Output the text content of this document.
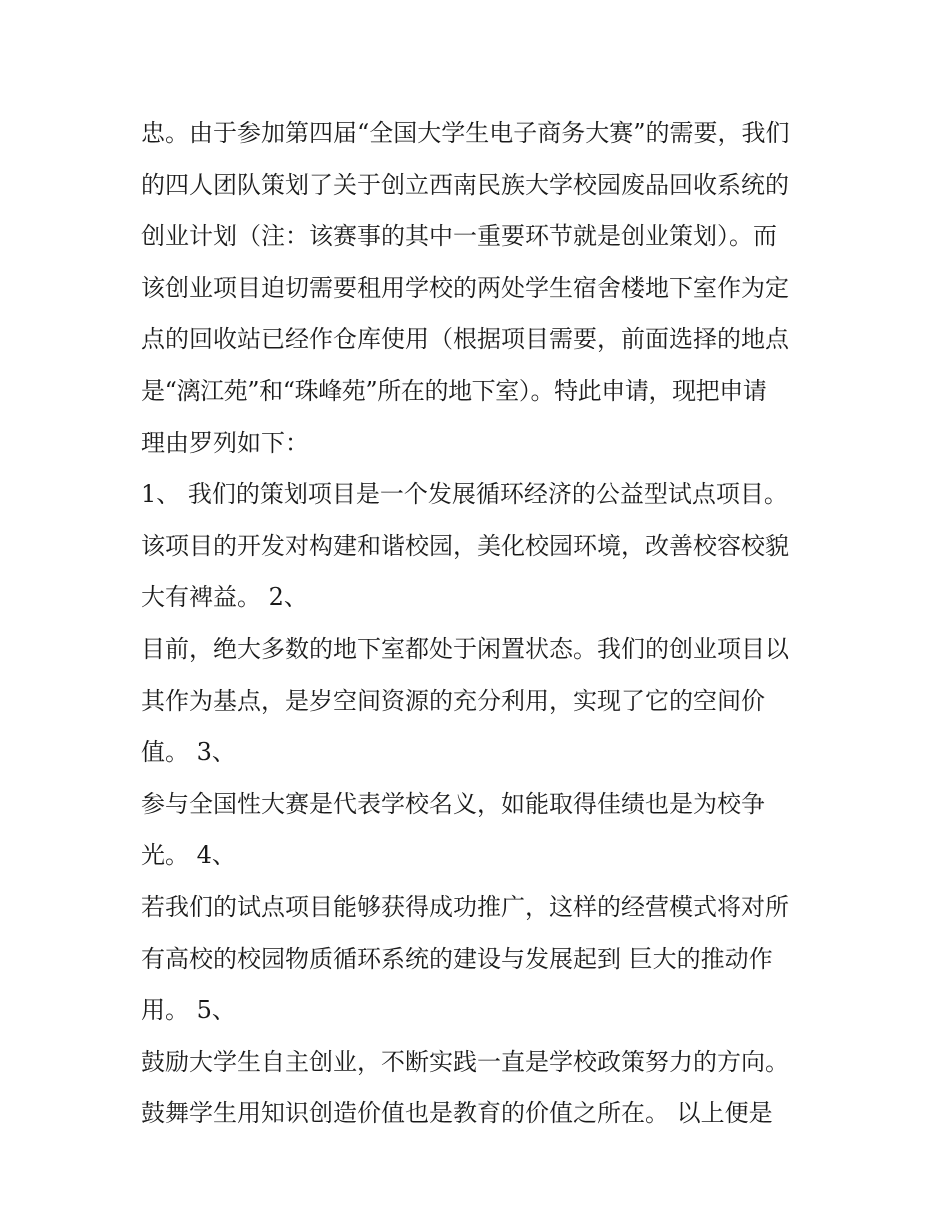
忠。由于参加第四届“全国大学生电子商务大赛”的需要，我们
的四人团队策划了关于创立西南民族大学校园废品回收系统的
创业计划（注：该赛事的其中一重要环节就是创业策划）。而
该创业项目迫切需要租用学校的两处学生宿舍楼地下室作为定
点的回收站已经作仓库使用（根据项目需要，前面选择的地点
是“漓江苑”和“珠峰苑”所在的地下室）。特此申请，现把申请
理由罗列如下：
1、 我们的策划项目是一个发展循环经济的公益型试点项目。
该项目的开发对构建和谐校园，美化校园环境，改善校容校貌
大有裨益。 2、
目前，绝大多数的地下室都处于闲置状态。我们的创业项目以
其作为基点，是岁空间资源的充分利用，实现了它的空间价
值。 3、
参与全国性大赛是代表学校名义，如能取得佳绩也是为校争
光。 4、
若我们的试点项目能够获得成功推广，这样的经营模式将对所
有高校的校园物质循环系统的建设与发展起到 巨大的推动作
用。 5、
鼓励大学生自主创业，不断实践一直是学校政策努力的方向。
鼓舞学生用知识创造价值也是教育的价值之所在。 以上便是
